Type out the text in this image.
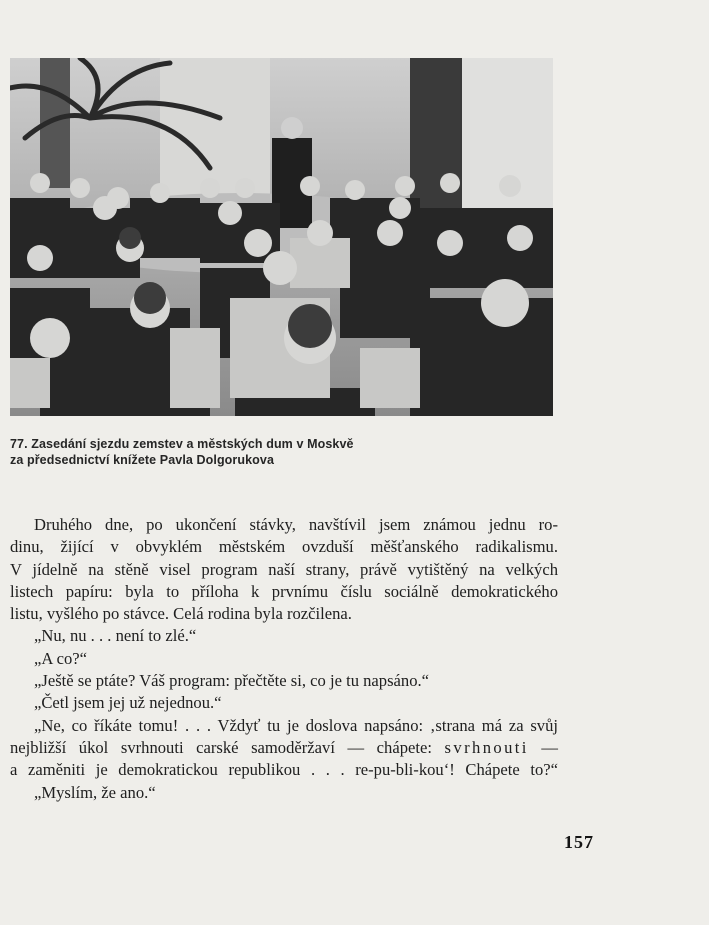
77. Zasedání sjezdu zemstev a městských dum v Moskvě
za předsednictví knížete Pavla Dolgorukova

Druhého dne, po ukončení stávky, navštívil jsem známou jednu ro-

dinu, žijící v obvyklém městském ovzduší měšťanského radikalismu.

V jídelně na stěně visel program naší strany, právě vytištěný na velkých

listech papíru: byla to příloha k prvnímu číslu sociálně demokratického

listu, vyšlého po stávce. Celá rodina byla rozčilena.

„Nu, nu . . . není to zlé.“

„A co?“

„Ještě se ptáte? Váš program: přečtěte si, co je tu napsáno.“

„Četl jsem jej už nejednou.“

„Ne, co říkáte tomu! . . . Vždyť tu je doslova napsáno: ‚strana má za svůj

nejbližší úkol svrhnouti carské samoděržaví — chápete: svrhnouti —

a zaměniti je demokratickou republikou . . . re-pu-bli-kou‘! Chápete to?“

„Myslím, že ano.“

157
